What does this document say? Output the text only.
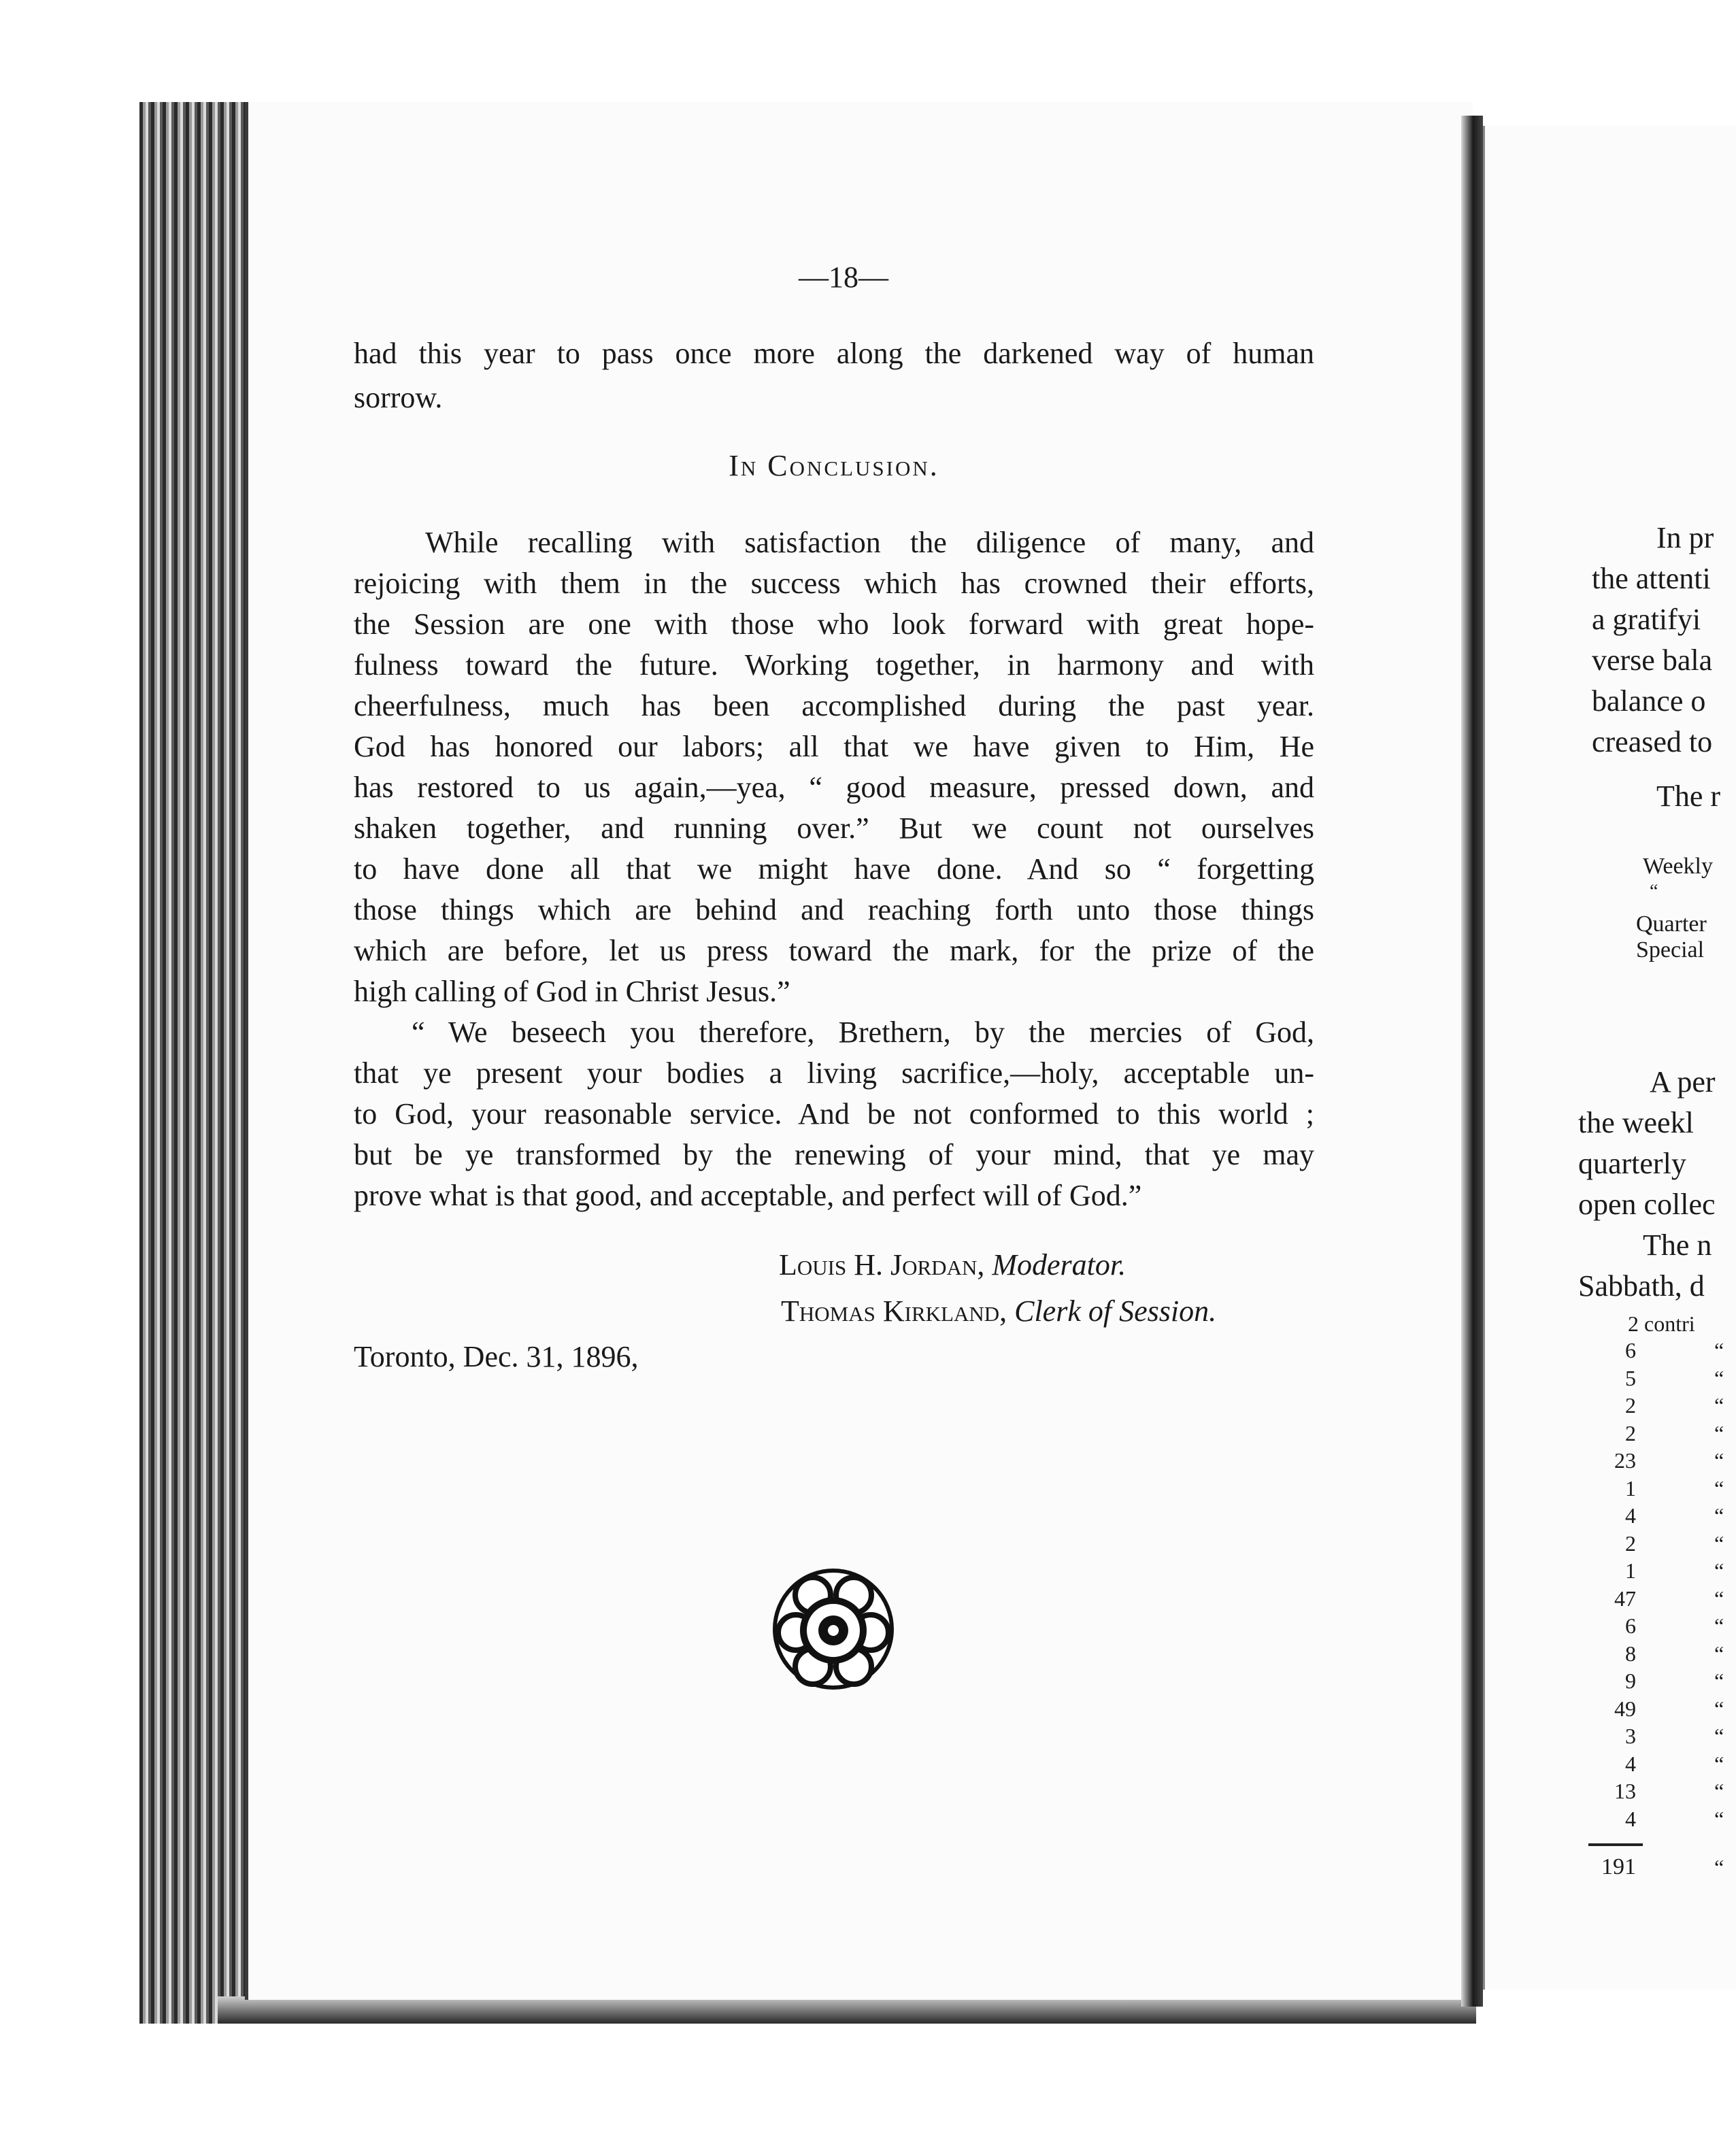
—18—
had this year to pass once more along the darkened way of human
sorrow.
In Conclusion.
While recalling with satisfaction the diligence of many, and
rejoicing with them in the success which has crowned their efforts,
the Session are one with those who look forward with great hope-
fulness toward the future. Working together, in harmony and with
cheerfulness, much has been accomplished during the past year.
God has honored our labors; all that we have given to Him, He
has restored to us again,—yea, “ good measure, pressed down, and
shaken together, and running over.” But we count not ourselves
to have done all that we might have done. And so “ forgetting
those things which are behind and reaching forth unto those things
which are before, let us press toward the mark, for the prize of the
high calling of God in Christ Jesus.”
“ We beseech you therefore, Brethern, by the mercies of God,
that ye present your bodies a living sacrifice,—holy, acceptable un-
to God, your reasonable service. And be not conformed to this world ;
but be ye transformed by the renewing of your mind, that ye may
prove what is that good, and acceptable, and perfect will of God.”
Louis H. Jordan, Moderator.
Thomas Kirkland, Clerk of Session.
Toronto, Dec. 31, 1896,
In pr
the attenti
a gratifyi
verse bala
balance o
creased to
The r
Weekly
“
Quarter
Special
A per
the weekl
quarterly
open collec
The n
Sabbath, d
2 contri
6	“
5	“
2	“
2	“
23	“
1	“
4	“
2	“
1	“
47	“
6	“
8	“
9	“
49	“
3	“
4	“
13	“
4	“
191	“
